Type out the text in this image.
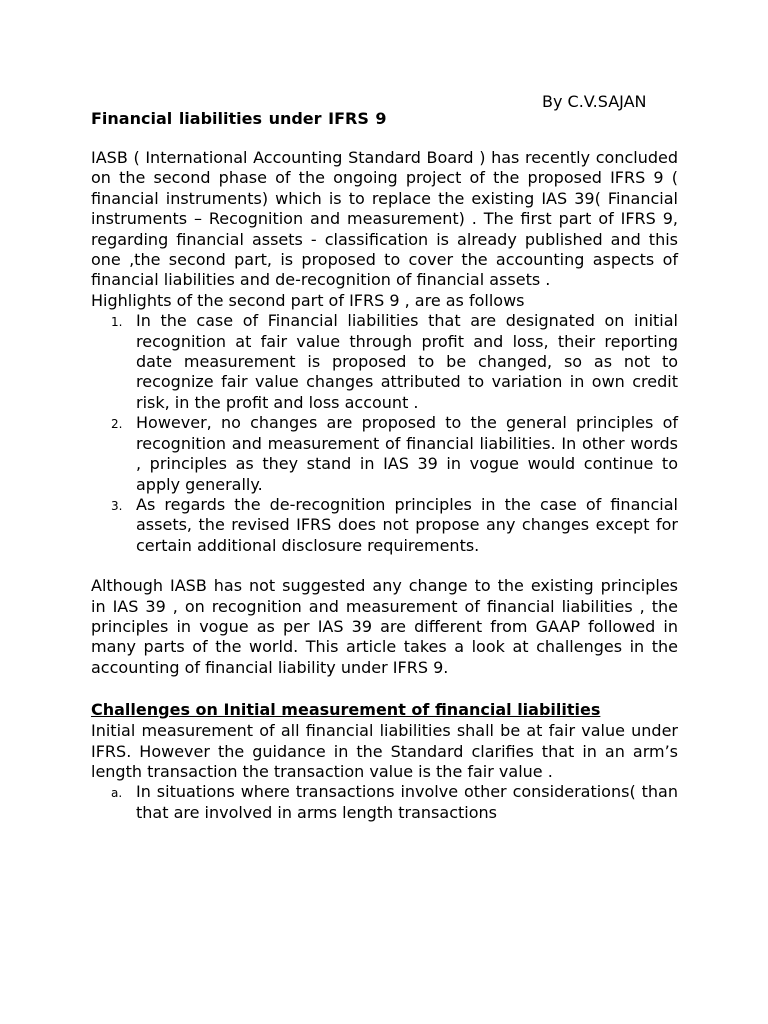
By C.V.SAJAN
Financial liabilities under IFRS 9

IASB ( International Accounting Standard Board ) has recently concluded on the second phase of the ongoing project of the proposed IFRS 9 ( financial instruments) which is to replace the existing IAS 39( Financial instruments – Recognition and measurement) . The first part of IFRS 9, regarding financial assets - classification is already published and this one ,the second part, is proposed to cover the accounting aspects of financial liabilities and de-recognition of financial assets .

Highlights of the second part of IFRS 9 , are as follows

1. In the case of Financial liabilities that are designated on initial recognition at fair value through profit and loss, their reporting date measurement is proposed to be changed, so as not to recognize fair value changes attributed to variation in own credit risk, in the profit and loss account .
2. However, no changes are proposed to the general principles of recognition and measurement of financial liabilities. In other words , principles as they stand in IAS 39 in vogue would continue to apply generally.
3. As regards the de-recognition principles in the case of financial assets, the revised IFRS does not propose any changes except for certain additional disclosure requirements.

Although IASB has not suggested any change to the existing principles in IAS 39 , on recognition and measurement of financial liabilities , the principles in vogue as per IAS 39 are different from GAAP followed in many parts of the world. This article takes a look at challenges in the accounting of financial liability under IFRS 9.

Challenges on Initial measurement of financial liabilities

Initial measurement of all financial liabilities shall be at fair value under IFRS. However the guidance in the Standard clarifies that in an arm’s length transaction the transaction value is the fair value .

a. In situations where transactions involve other considerations( than that are involved in arms length transactions
